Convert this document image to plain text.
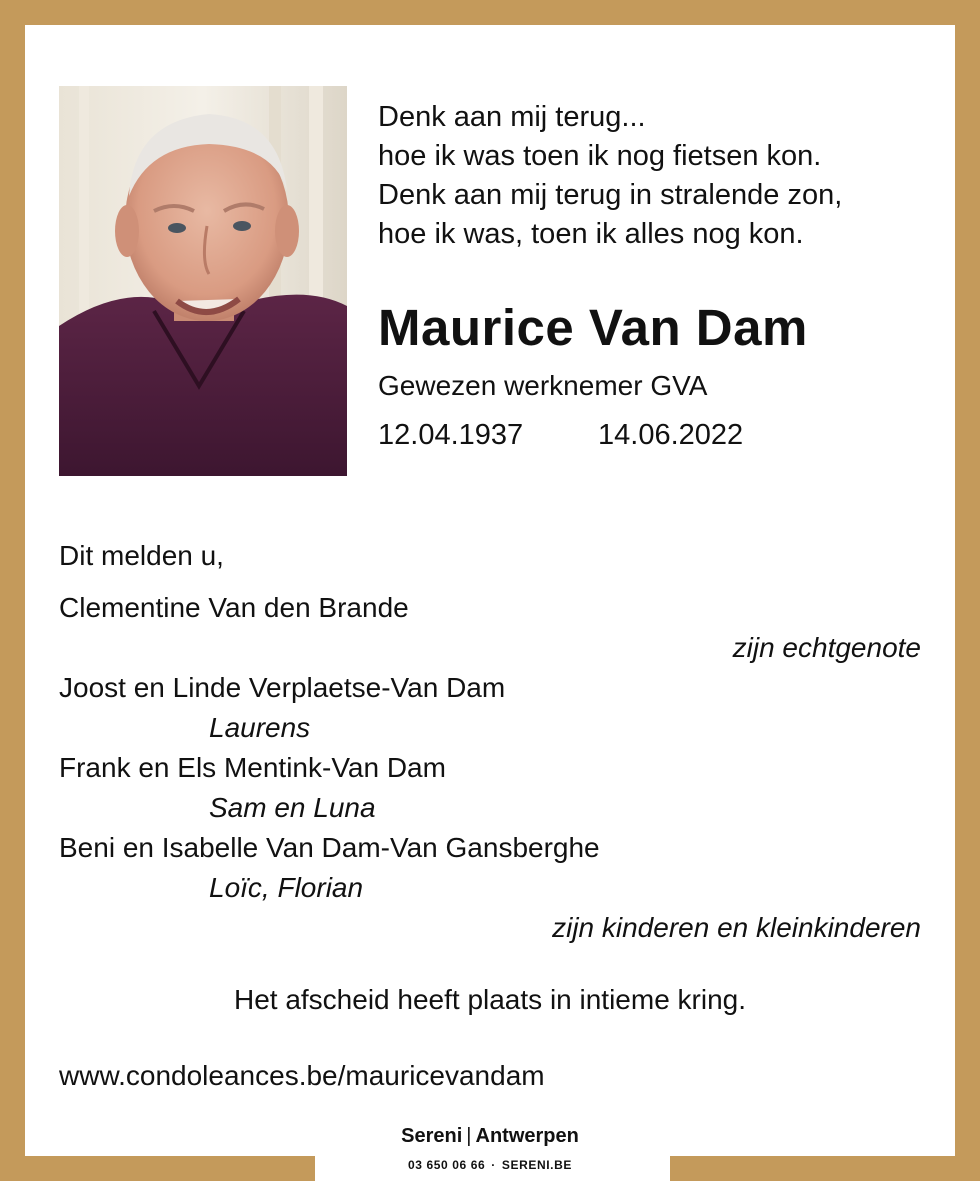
Denk aan mij terug...
hoe ik was toen ik nog fietsen kon.
Denk aan mij terug in stralende zon,
hoe ik was, toen ik alles nog kon.
Maurice Van Dam
Gewezen werknemer GVA
12.04.1937	14.06.2022
Dit melden u,
Clementine Van den Brande
zijn echtgenote
Joost en Linde Verplaetse-Van Dam
Laurens
Frank en Els Mentink-Van Dam
Sam en Luna
Beni en Isabelle Van Dam-Van Gansberghe
Loïc, Florian
zijn kinderen en kleinkinderen
Het afscheid heeft plaats in intieme kring.
www.condoleances.be/mauricevandam
Sereni | Antwerpen
03 650 06 66 · SERENI.BE
